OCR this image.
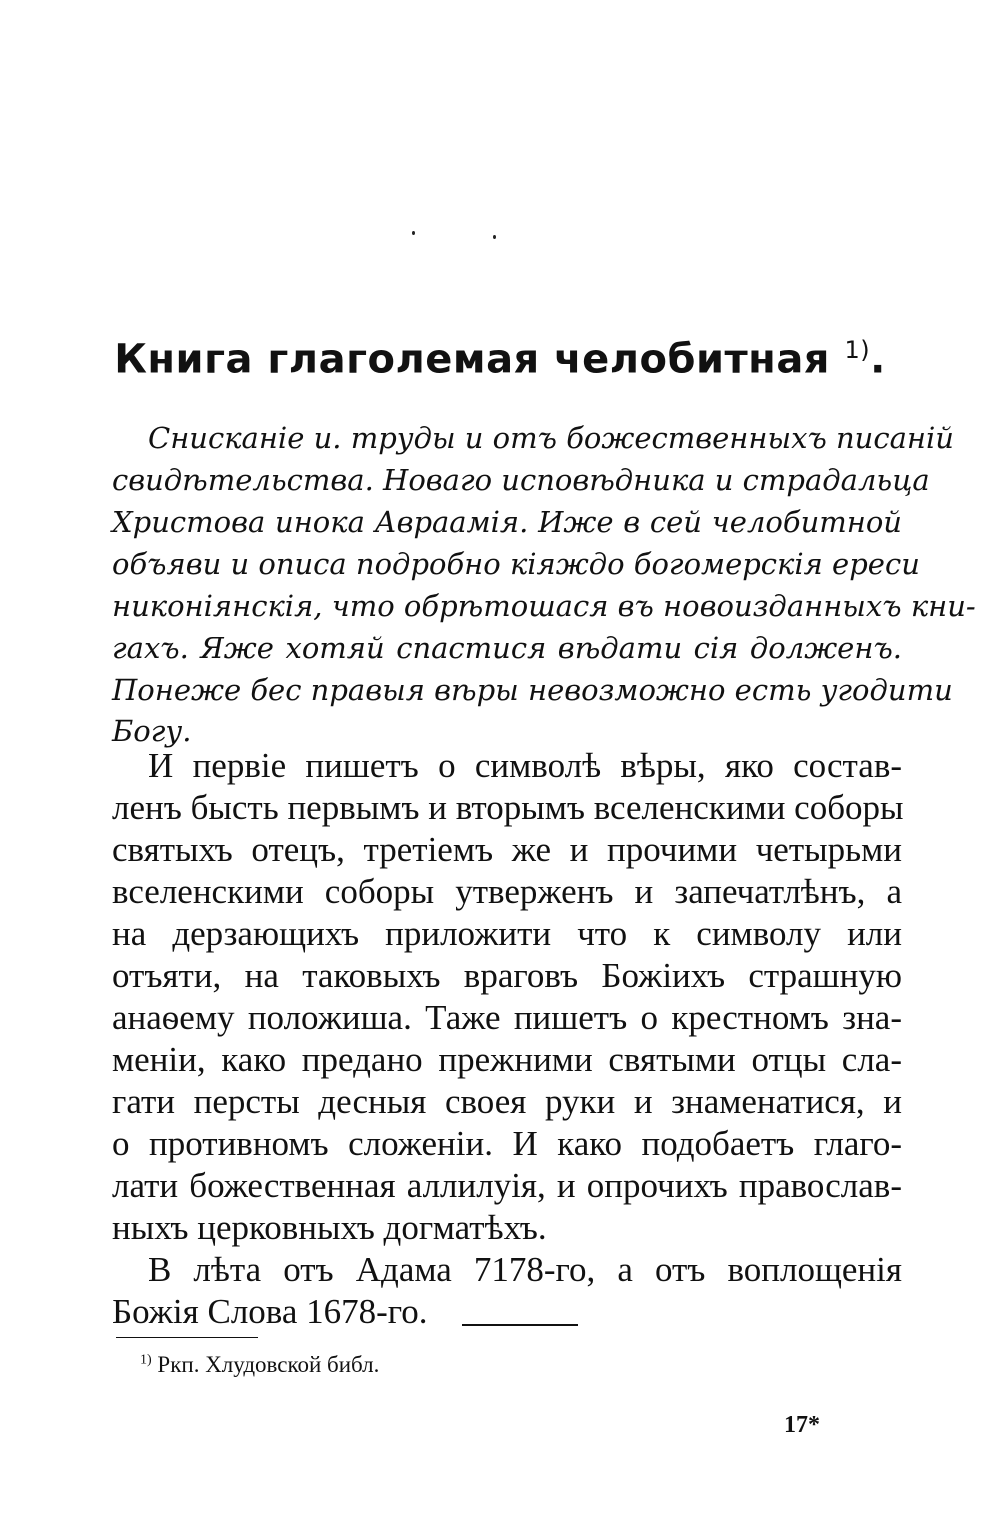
Книга глаголемая челобитная $^{1)}$.
Снисканіе и. труды и отъ божественныхъ писаній
свидѣтельства. Новаго исповѣдника и страдальца
Христова инока Авраамія. Иже в сей челобитной
объяви и описа подробно кіяждо богомерскія ереси
никоніянскія, что обрѣтошася въ новоизданныхъ кни-
гахъ. Яже хотяй спастися вѣдати сія долженъ.
Понеже бес правыя вѣры невозможно есть угодити
Богу.
И первіе пишетъ о символѣ вѣры, яко состав-
ленъ бысть первымъ и вторымъ вселенскими соборы
святыхъ отецъ, третіемъ же и прочими четырьми
вселенскими соборы утверженъ и запечатлѣнъ, а
на дерзающихъ приложити что к символу или
отъяти, на таковыхъ враговъ Божіихъ страшную
анаѳему положиша. Таже пишетъ о крестномъ зна-
меніи, како предано прежними святыми отцы сла-
гати персты десныя своея руки и знаменатися, и
о противномъ сложеніи. И како подобаетъ глаго-
лати божественная аллилуія, и опрочихъ православ-
ныхъ церковныхъ догматѣхъ.
В лѣта отъ Адама 7178-го, а отъ воплощенія
Божія Слова 1678-го.
$^{1)}$ Ркп. Хлудовской библ.
17*
